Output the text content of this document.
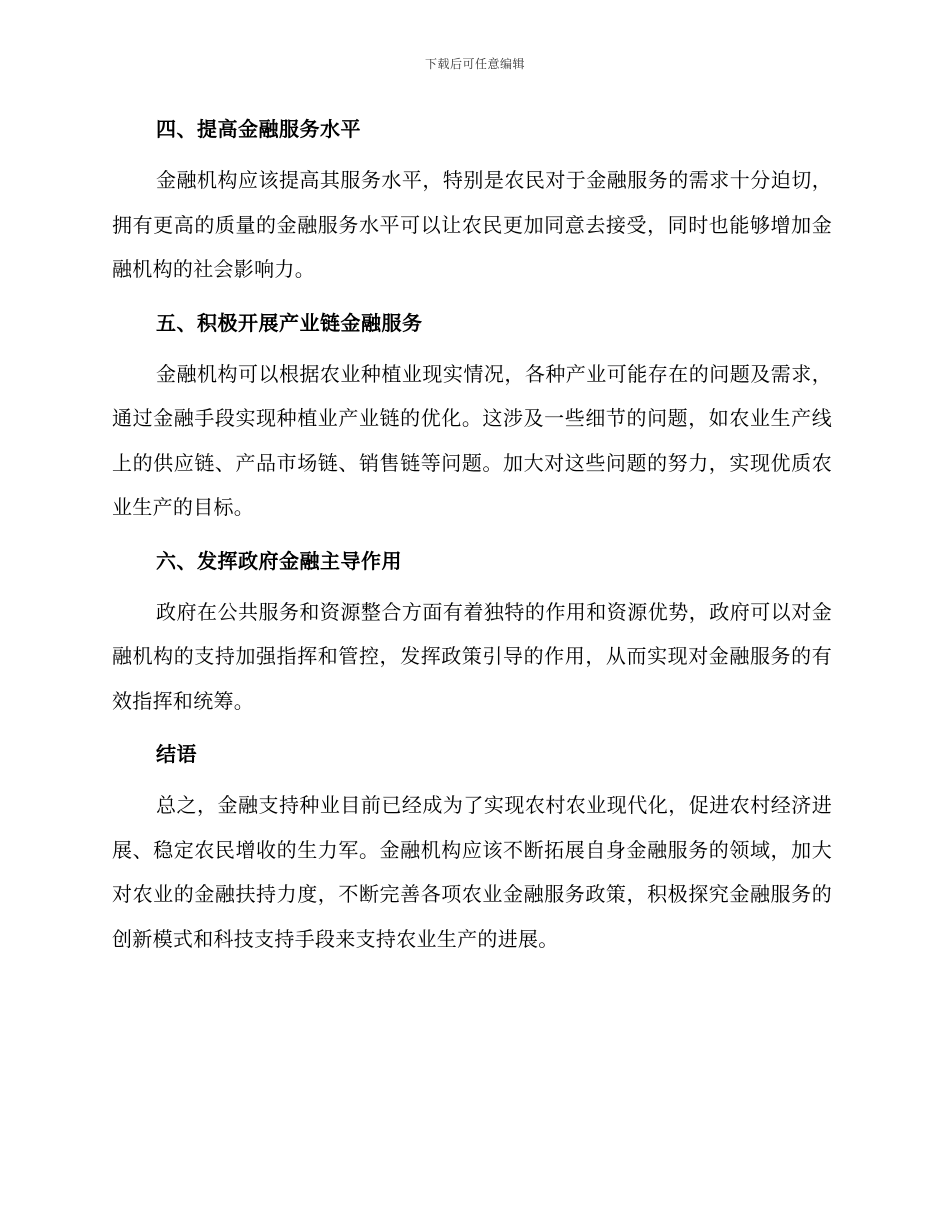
下载后可任意编辑
四、提高金融服务水平

金融机构应该提高其服务水平，特别是农民对于金融服务的需求十分迫切，拥有更高的质量的金融服务水平可以让农民更加同意去接受，同时也能够增加金融机构的社会影响力。

五、积极开展产业链金融服务

金融机构可以根据农业种植业现实情况，各种产业可能存在的问题及需求，通过金融手段实现种植业产业链的优化。这涉及一些细节的问题，如农业生产线上的供应链、产品市场链、销售链等问题。加大对这些问题的努力，实现优质农业生产的目标。

六、发挥政府金融主导作用

政府在公共服务和资源整合方面有着独特的作用和资源优势，政府可以对金融机构的支持加强指挥和管控，发挥政策引导的作用，从而实现对金融服务的有效指挥和统筹。

结语

总之，金融支持种业目前已经成为了实现农村农业现代化，促进农村经济进展、稳定农民增收的生力军。金融机构应该不断拓展自身金融服务的领域，加大对农业的金融扶持力度，不断完善各项农业金融服务政策，积极探究金融服务的创新模式和科技支持手段来支持农业生产的进展。
